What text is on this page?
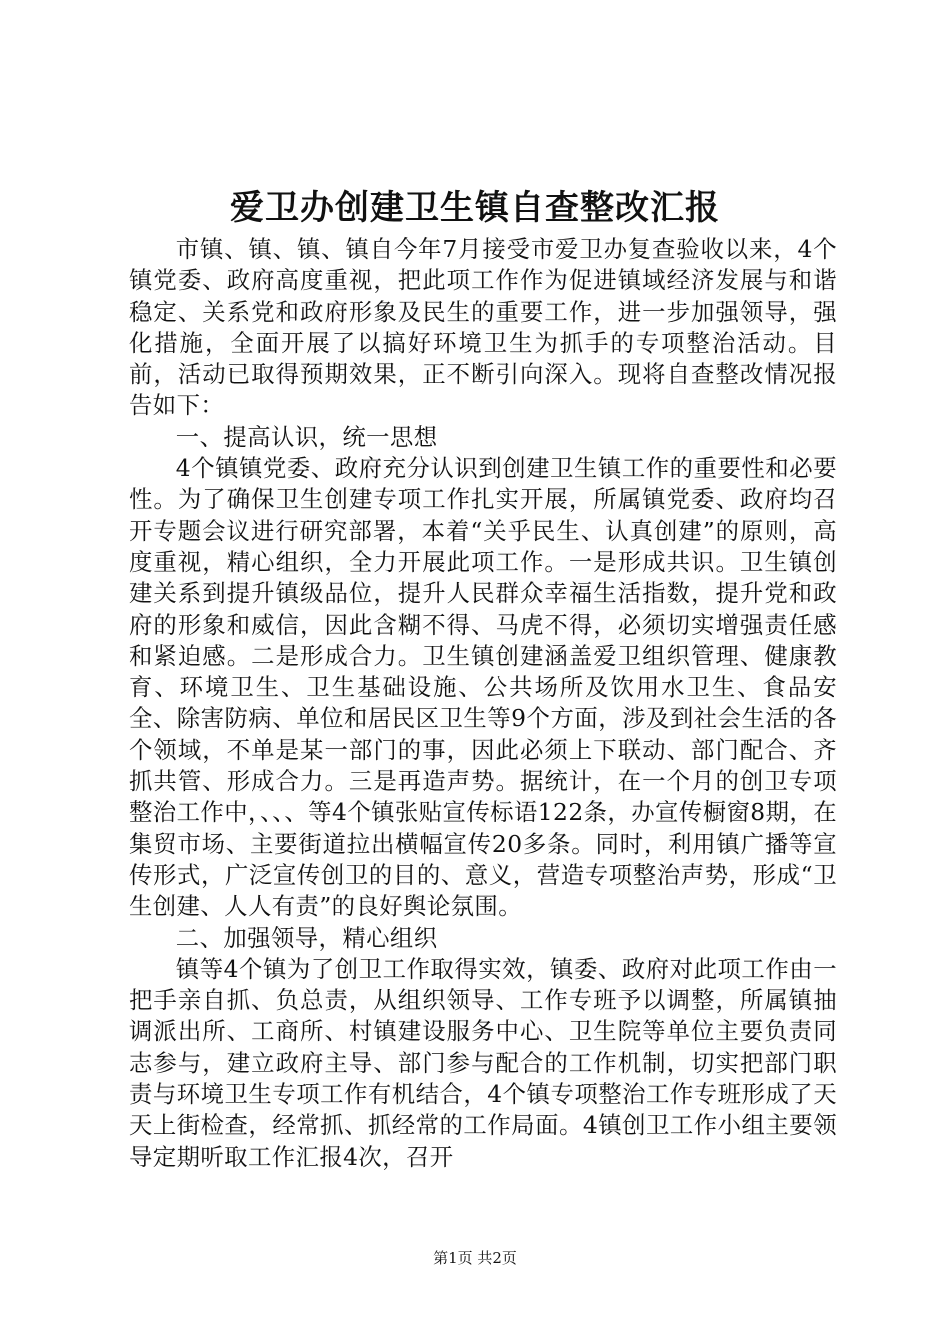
爱卫办创建卫生镇自查整改汇报

市镇、镇、镇、镇自今年7月接受市爱卫办复查验收以来，4个镇党委、政府高度重视，把此项工作作为促进镇域经济发展与和谐稳定、关系党和政府形象及民生的重要工作，进一步加强领导，强化措施，全面开展了以搞好环境卫生为抓手的专项整治活动。目前，活动已取得预期效果，正不断引向深入。现将自查整改情况报告如下：

一、提高认识，统一思想

4个镇镇党委、政府充分认识到创建卫生镇工作的重要性和必要性。为了确保卫生创建专项工作扎实开展，所属镇党委、政府均召开专题会议进行研究部署，本着“关乎民生、认真创建”的原则，高度重视，精心组织，全力开展此项工作。一是形成共识。卫生镇创建关系到提升镇级品位，提升人民群众幸福生活指数，提升党和政府的形象和威信，因此含糊不得、马虎不得，必须切实增强责任感和紧迫感。二是形成合力。卫生镇创建涵盖爱卫组织管理、健康教育、环境卫生、卫生基础设施、公共场所及饮用水卫生、食品安全、除害防病、单位和居民区卫生等9个方面，涉及到社会生活的各个领域，不单是某一部门的事，因此必须上下联动、部门配合、齐抓共管、形成合力。三是再造声势。据统计，在一个月的创卫专项整治工作中，、、、等4个镇张贴宣传标语122条，办宣传橱窗8期，在集贸市场、主要街道拉出横幅宣传20多条。同时，利用镇广播等宣传形式，广泛宣传创卫的目的、意义，营造专项整治声势，形成“卫生创建、人人有责”的良好舆论氛围。

二、加强领导，精心组织

镇等4个镇为了创卫工作取得实效，镇委、政府对此项工作由一把手亲自抓、负总责，从组织领导、工作专班予以调整，所属镇抽调派出所、工商所、村镇建设服务中心、卫生院等单位主要负责同志参与，建立政府主导、部门参与配合的工作机制，切实把部门职责与环境卫生专项工作有机结合，4个镇专项整治工作专班形成了天天上街检查，经常抓、抓经常的工作局面。4镇创卫工作小组主要领导定期听取工作汇报4次，召开

第1页 共2页
